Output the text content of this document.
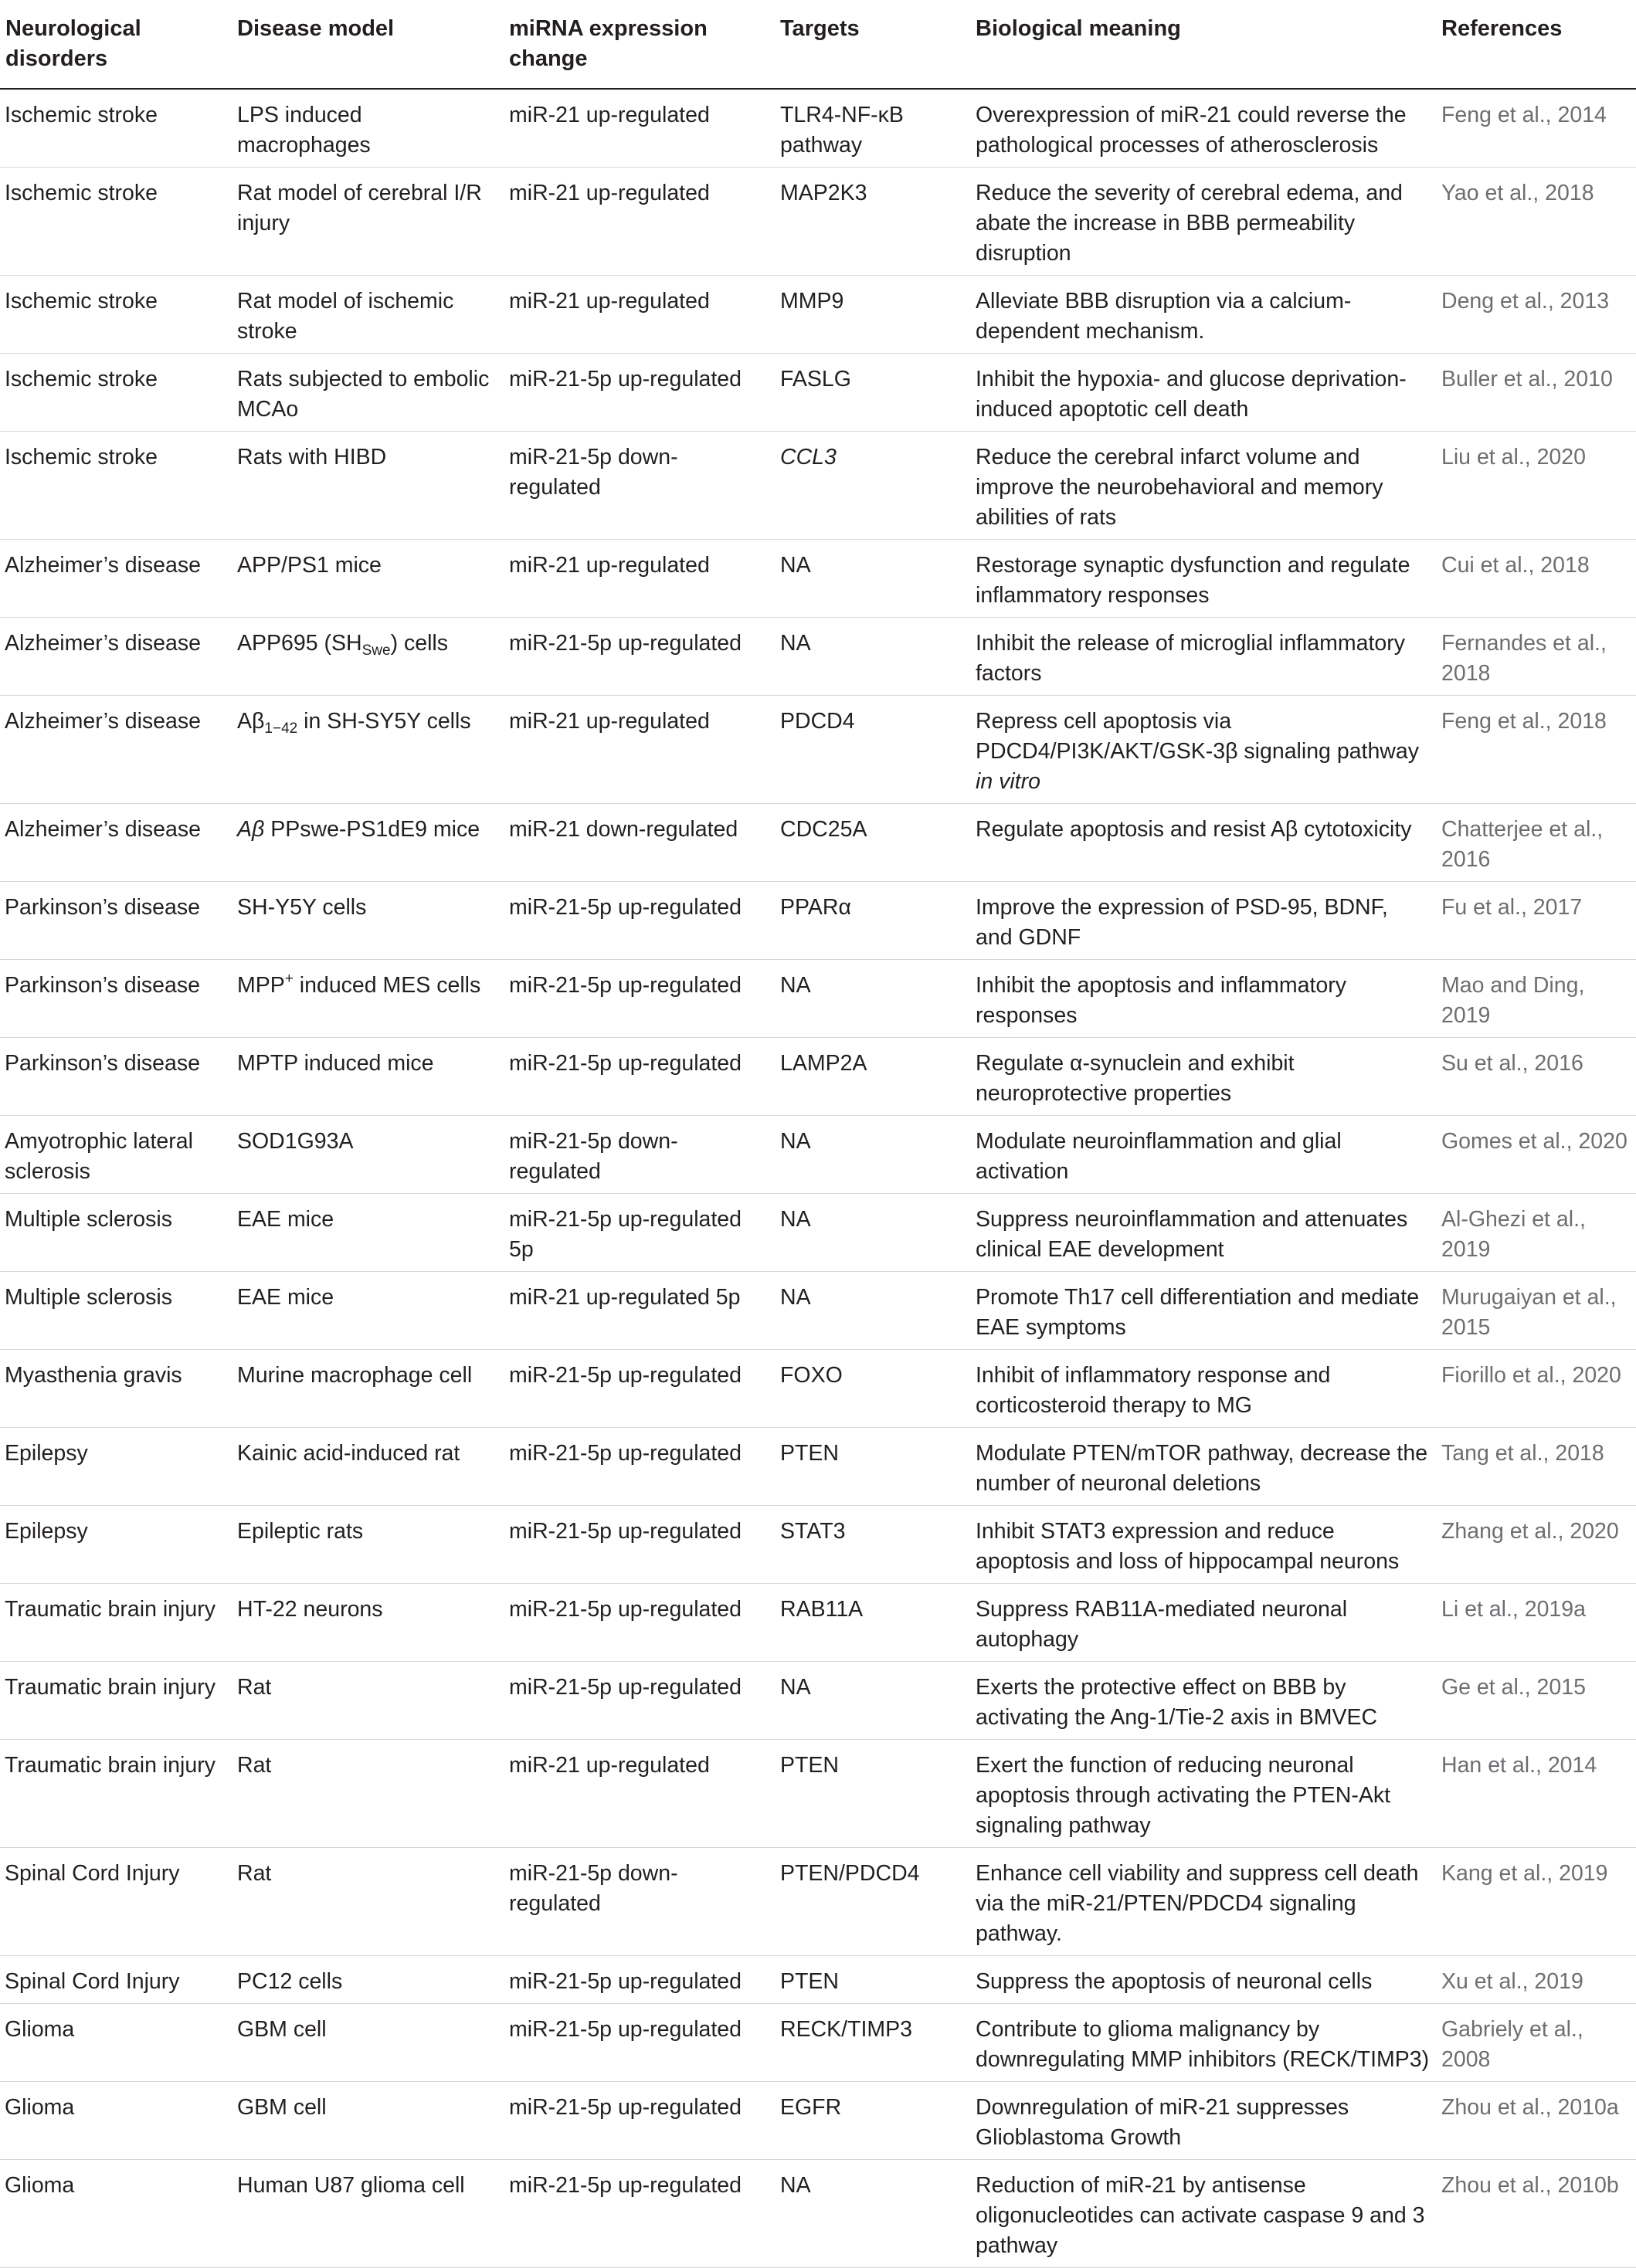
Neurological disorders	Disease model	miRNA expression change	Targets	Biological meaning	References
Ischemic stroke	LPS induced macrophages	miR-21 up-regulated	TLR4-NF-κB pathway	Overexpression of miR-21 could reverse the pathological processes of atherosclerosis	Feng et al., 2014
Ischemic stroke	Rat model of cerebral I/R injury	miR-21 up-regulated	MAP2K3	Reduce the severity of cerebral edema, and abate the increase in BBB permeability disruption	Yao et al., 2018
Ischemic stroke	Rat model of ischemic stroke	miR-21 up-regulated	MMP9	Alleviate BBB disruption via a calcium-dependent mechanism.	Deng et al., 2013
Ischemic stroke	Rats subjected to embolic MCAo	miR-21-5p up-regulated	FASLG	Inhibit the hypoxia- and glucose deprivation-induced apoptotic cell death	Buller et al., 2010
Ischemic stroke	Rats with HIBD	miR-21-5p down-regulated	CCL3	Reduce the cerebral infarct volume and improve the neurobehavioral and memory abilities of rats	Liu et al., 2020
Alzheimer’s disease	APP/PS1 mice	miR-21 up-regulated	NA	Restorage synaptic dysfunction and regulate inflammatory responses	Cui et al., 2018
Alzheimer’s disease	APP695 $(SH_{Swe})$ cells	miR-21-5p up-regulated	NA	Inhibit the release of microglial inflammatory factors	Fernandes et al., 2018
Alzheimer’s disease	$A\beta_{1-42}$ in SH-SY5Y cells	miR-21 up-regulated	PDCD4	Repress cell apoptosis via PDCD4/PI3K/AKT/GSK-3β signaling pathway in vitro	Feng et al., 2018
Alzheimer’s disease	Aβ PPswe-PS1dE9 mice	miR-21 down-regulated	CDC25A	Regulate apoptosis and resist Aβ cytotoxicity	Chatterjee et al., 2016
Parkinson’s disease	SH-Y5Y cells	miR-21-5p up-regulated	PPARα	Improve the expression of PSD-95, BDNF, and GDNF	Fu et al., 2017
Parkinson’s disease	MPP+ induced MES cells	miR-21-5p up-regulated	NA	Inhibit the apoptosis and inflammatory responses	Mao and Ding, 2019
Parkinson’s disease	MPTP induced mice	miR-21-5p up-regulated	LAMP2A	Regulate α-synuclein and exhibit neuroprotective properties	Su et al., 2016
Amyotrophic lateral sclerosis	SOD1G93A	miR-21-5p down-regulated	NA	Modulate neuroinflammation and glial activation	Gomes et al., 2020
Multiple sclerosis	EAE mice	miR-21-5p up-regulated 5p	NA	Suppress neuroinflammation and attenuates clinical EAE development	Al-Ghezi et al., 2019
Multiple sclerosis	EAE mice	miR-21 up-regulated 5p	NA	Promote Th17 cell differentiation and mediate EAE symptoms	Murugaiyan et al., 2015
Myasthenia gravis	Murine macrophage cell	miR-21-5p up-regulated	FOXO	Inhibit of inflammatory response and corticosteroid therapy to MG	Fiorillo et al., 2020
Epilepsy	Kainic acid-induced rat	miR-21-5p up-regulated	PTEN	Modulate PTEN/mTOR pathway, decrease the number of neuronal deletions	Tang et al., 2018
Epilepsy	Epileptic rats	miR-21-5p up-regulated	STAT3	Inhibit STAT3 expression and reduce apoptosis and loss of hippocampal neurons	Zhang et al., 2020
Traumatic brain injury	HT-22 neurons	miR-21-5p up-regulated	RAB11A	Suppress RAB11A-mediated neuronal autophagy	Li et al., 2019a
Traumatic brain injury	Rat	miR-21-5p up-regulated	NA	Exerts the protective effect on BBB by activating the Ang-1/Tie-2 axis in BMVEC	Ge et al., 2015
Traumatic brain injury	Rat	miR-21 up-regulated	PTEN	Exert the function of reducing neuronal apoptosis through activating the PTEN-Akt signaling pathway	Han et al., 2014
Spinal Cord Injury	Rat	miR-21-5p down-regulated	PTEN/PDCD4	Enhance cell viability and suppress cell death via the miR-21/PTEN/PDCD4 signaling pathway.	Kang et al., 2019
Spinal Cord Injury	PC12 cells	miR-21-5p up-regulated	PTEN	Suppress the apoptosis of neuronal cells	Xu et al., 2019
Glioma	GBM cell	miR-21-5p up-regulated	RECK/TIMP3	Contribute to glioma malignancy by downregulating MMP inhibitors (RECK/TIMP3)	Gabriely et al., 2008
Glioma	GBM cell	miR-21-5p up-regulated	EGFR	Downregulation of miR-21 suppresses Glioblastoma Growth	Zhou et al., 2010a
Glioma	Human U87 glioma cell	miR-21-5p up-regulated	NA	Reduction of miR-21 by antisense oligonucleotides can activate caspase 9 and 3 pathway	Zhou et al., 2010b
